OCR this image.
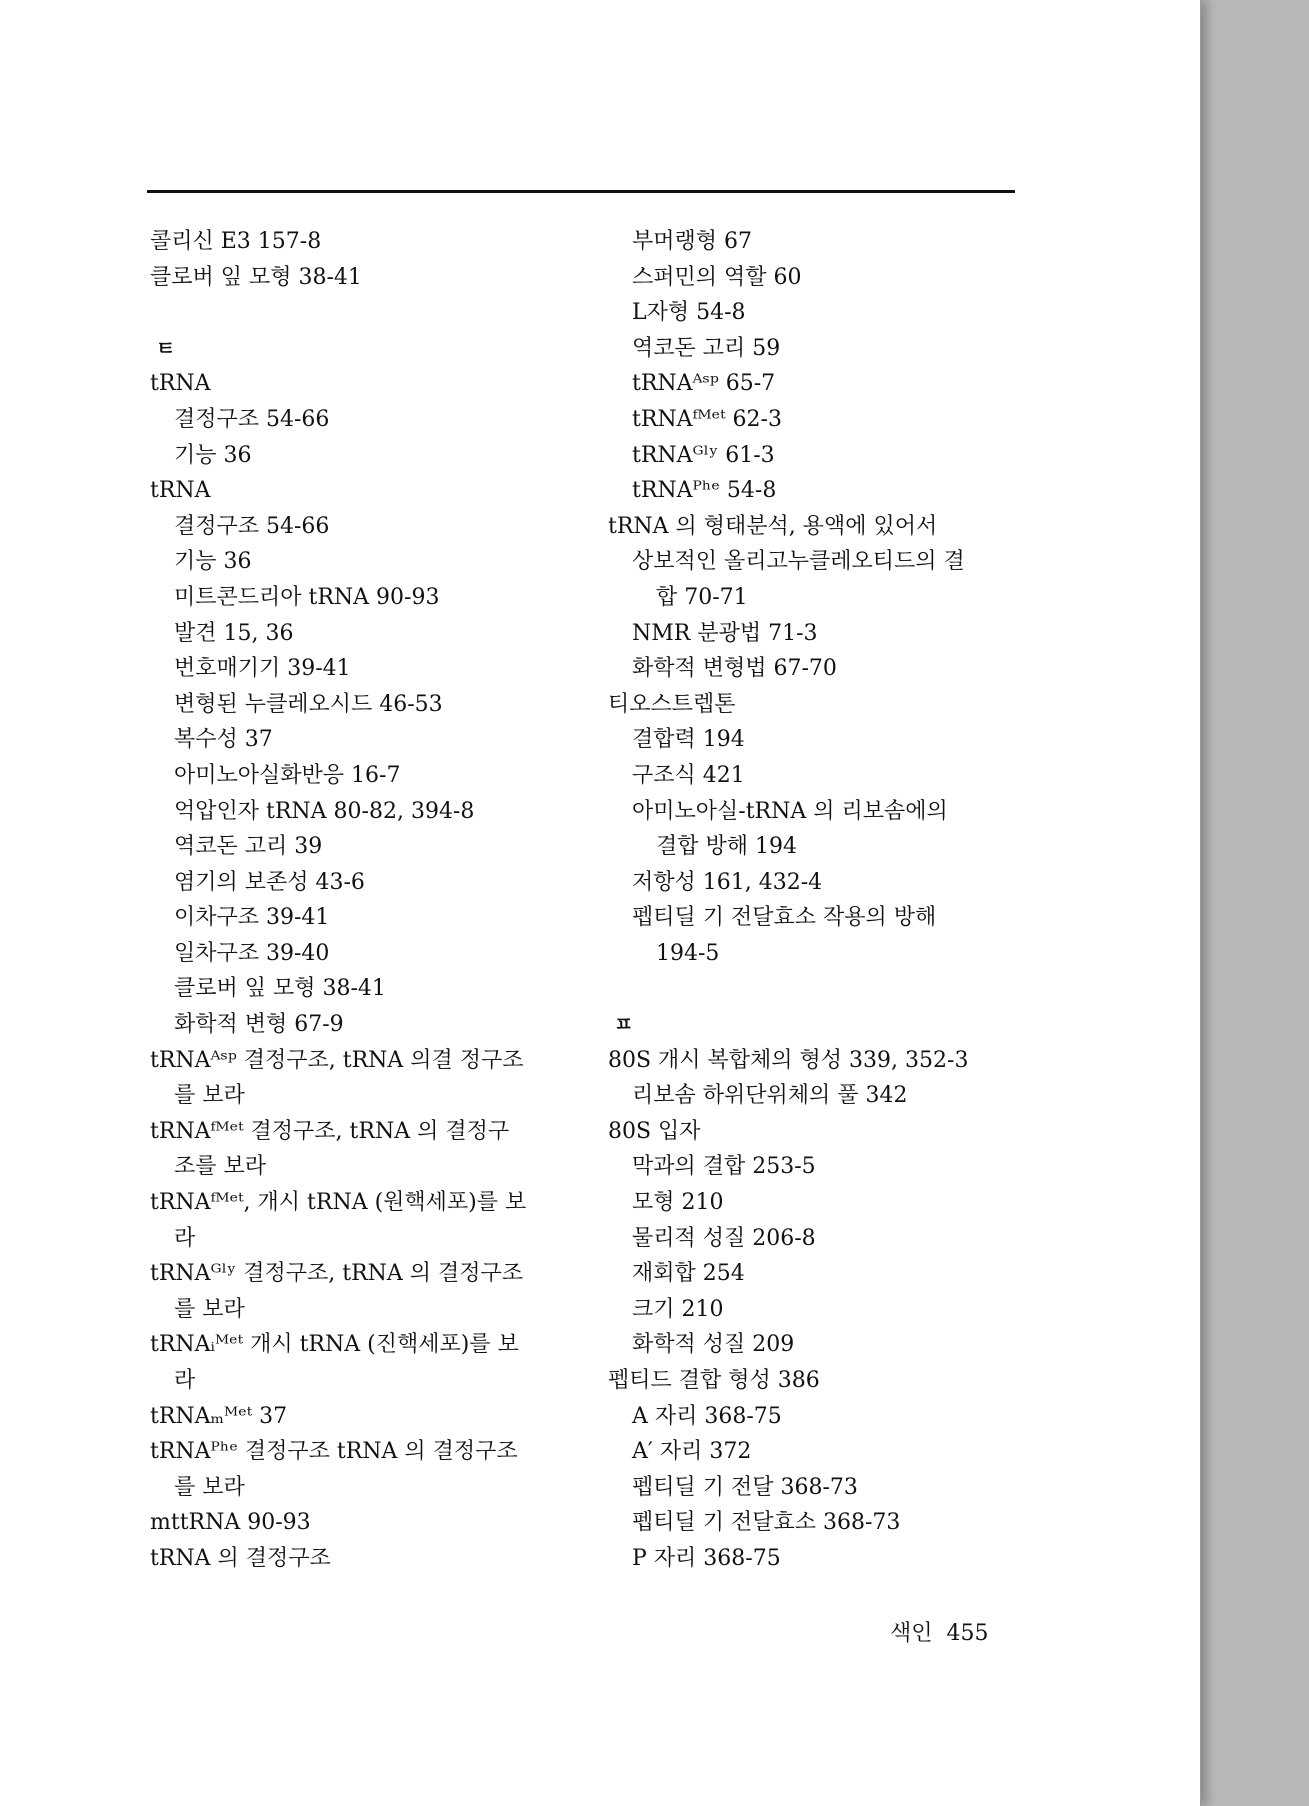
콜리신 E3 157-8
클로버 잎 모형 38-41
ㅌ
tRNA
결정구조 54-66
기능 36
tRNA
결정구조 54-66
기능 36
미트콘드리아 tRNA 90-93
발견 15, 36
번호매기기 39-41
변형된 누클레오시드 46-53
복수성 37
아미노아실화반응 16-7
억압인자 tRNA 80-82, 394-8
역코돈 고리 39
염기의 보존성 43-6
이차구조 39-41
일차구조 39-40
클로버 잎 모형 38-41
화학적 변형 67-9
tRNAᴬˢᵖ 결정구조, tRNA 의결 정구조
를 보라
tRNAᶠᴹᵉᵗ 결정구조, tRNA 의 결정구
조를 보라
tRNAᶠᴹᵉᵗ, 개시 tRNA (원핵세포)를 보
라
tRNAᴳˡʸ 결정구조, tRNA 의 결정구조
를 보라
tRNAᵢᴹᵉᵗ 개시 tRNA (진핵세포)를 보
라
tRNAₘᴹᵉᵗ 37
tRNAᴾʰᵉ 결정구조 tRNA 의 결정구조
를 보라
mttRNA 90-93
tRNA 의 결정구조
부머랭형 67
스퍼민의 역할 60
L자형 54-8
역코돈 고리 59
tRNAᴬˢᵖ 65-7
tRNAᶠᴹᵉᵗ 62-3
tRNAᴳˡʸ 61-3
tRNAᴾʰᵉ 54-8
tRNA 의 형태분석, 용액에 있어서
상보적인 올리고누클레오티드의 결
합 70-71
NMR 분광법 71-3
화학적 변형법 67-70
티오스트렙톤
결합력 194
구조식 421
아미노아실-tRNA 의 리보솜에의
결합 방해 194
저항성 161, 432-4
펩티딜 기 전달효소 작용의 방해
194-5
ㅍ
80S 개시 복합체의 형성 339, 352-3
리보솜 하위단위체의 풀 342
80S 입자
막과의 결합 253-5
모형 210
물리적 성질 206-8
재회합 254
크기 210
화학적 성질 209
펩티드 결합 형성 386
A 자리 368-75
A′ 자리 372
펩티딜 기 전달 368-73
펩티딜 기 전달효소 368-73
P 자리 368-75
색인 455
